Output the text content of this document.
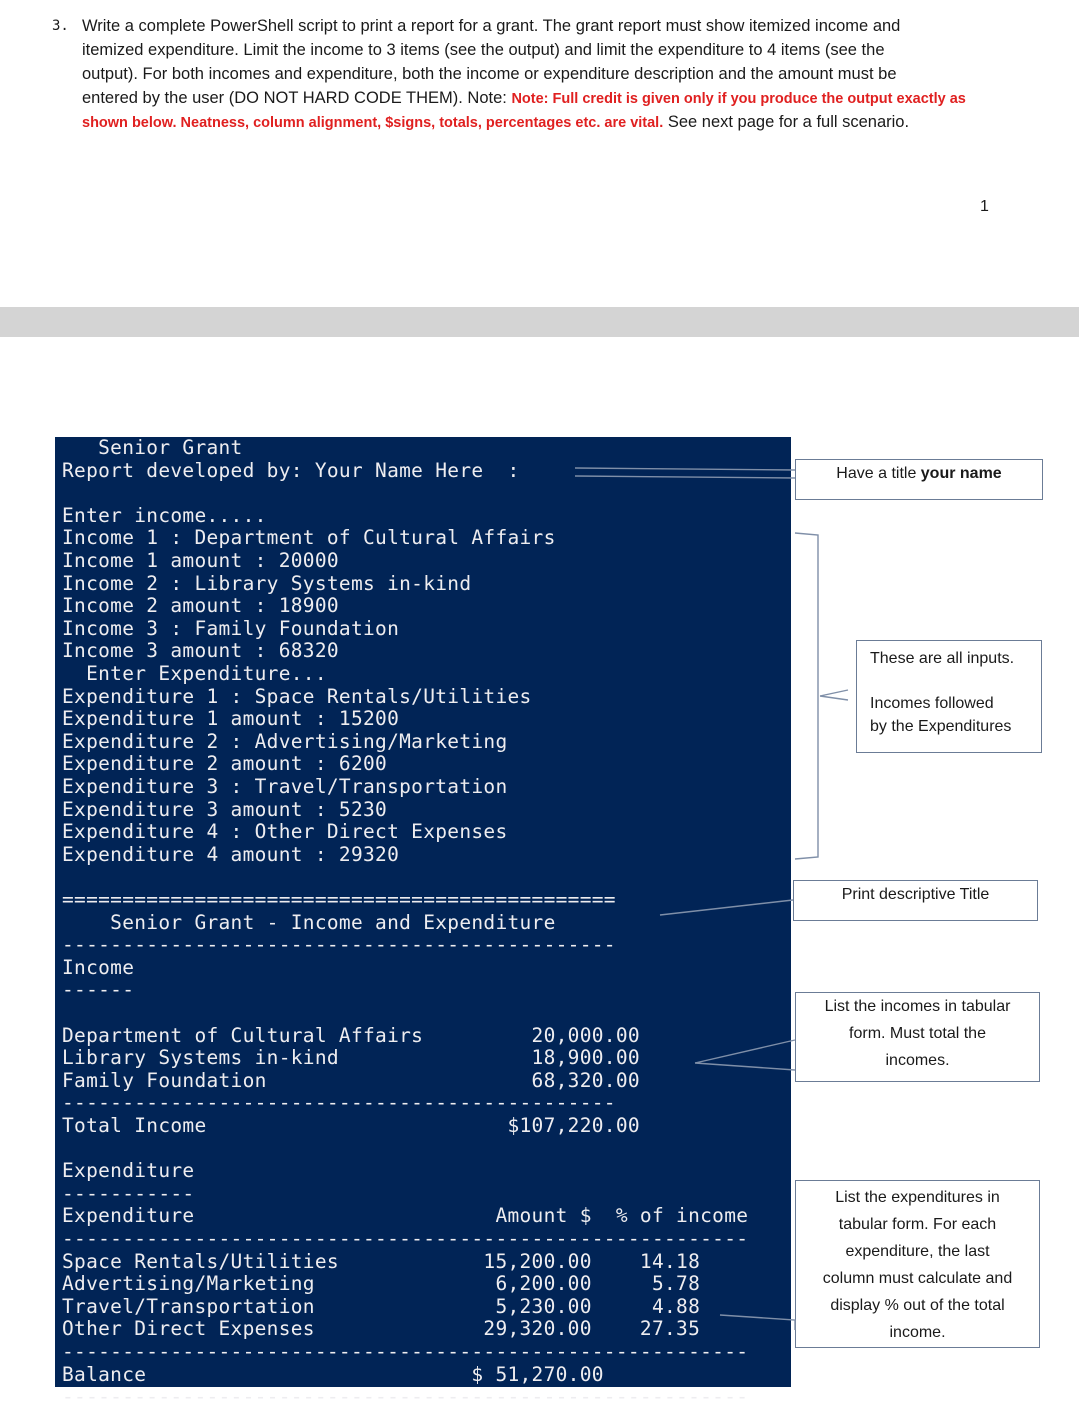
3. Write a complete PowerShell script to print a report for a grant. The grant report must show itemized income and
itemized expenditure. Limit the income to 3 items (see the output) and limit the expenditure to 4 items (see the
output). For both incomes and expenditure, both the income or expenditure description and the amount must be
entered by the user (DO NOT HARD CODE THEM). Note: Note: Full credit is given only if you produce the output exactly as
shown below. Neatness, column alignment, $signs, totals, percentages etc. are vital. See next page for a full scenario.
1
Senior Grant
Report developed by: Your Name Here  :
Enter income.....
Income 1 : Department of Cultural Affairs
Income 1 amount : 20000
Income 2 : Library Systems in-kind
Income 2 amount : 18900
Income 3 : Family Foundation
Income 3 amount : 68320
Enter Expenditure...
Expenditure 1 : Space Rentals/Utilities
Expenditure 1 amount : 15200
Expenditure 2 : Advertising/Marketing
Expenditure 2 amount : 6200
Expenditure 3 : Travel/Transportation
Expenditure 3 amount : 5230
Expenditure 4 : Other Direct Expenses
Expenditure 4 amount : 29320
==============================================
Senior Grant - Income and Expenditure
----------------------------------------------
Income
------
Department of Cultural Affairs         20,000.00
Library Systems in-kind                18,900.00
Family Foundation                      68,320.00
----------------------------------------------
Total Income                         $107,220.00
Expenditure
-----------
Expenditure                         Amount $  % of income
---------------------------------------------------------
Space Rentals/Utilities            15,200.00    14.18
Advertising/Marketing               6,200.00     5.78
Travel/Transportation               5,230.00     4.88
Other Direct Expenses              29,320.00    27.35
---------------------------------------------------------
Balance                           $ 51,270.00
---------------------------------------------------------
Have a title your name
These are all inputs.
Incomes followed
by the Expenditures
Print descriptive Title
List the incomes in tabular
form. Must total the
incomes.
List the expenditures in
tabular form. For each
expenditure, the last
column must calculate and
display % out of the total
income.
